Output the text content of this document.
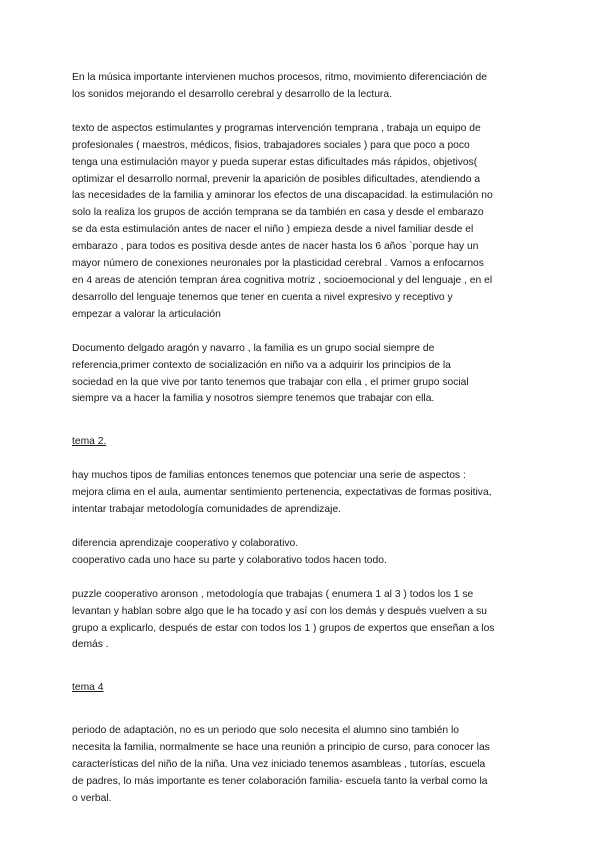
En la música importante intervienen muchos procesos, ritmo, movimiento diferenciación de
los sonidos mejorando el desarrollo cerebral y desarrollo de la lectura.

texto de aspectos estimulantes y programas intervención temprana , trabaja un equipo de
profesionales ( maestros, médicos, fisios, trabajadores sociales ) para que poco a poco
tenga una estimulación mayor y pueda superar estas dificultades más rápidos, objetivos(
optimizar el desarrollo normal, prevenir la aparición de posibles dificultades, atendiendo a
las necesidades de la familia y aminorar los efectos de una discapacidad. la estimulación no
solo la realiza los grupos de acción temprana se da también en casa y desde el embarazo
se da esta estimulación antes de nacer el niño ) empieza desde a nivel familiar desde el
embarazo , para todos es positiva desde antes de nacer hasta los 6 años `porque hay un
mayor número de conexiones neuronales por la plasticidad cerebral . Vamos a enfocarnos
en 4 areas de atención tempran área cognitiva motriz , socioemocional y del lenguaje , en el
desarrollo del lenguaje tenemos que tener en cuenta a nivel expresivo y receptivo y
empezar a valorar la articulación

Documento delgado aragón y navarro , la familia es un grupo social siempre de
referencia,primer contexto de socialización en niño va a adquirir los principios de la
sociedad en la que vive por tanto tenemos que trabajar con ella , el primer grupo social
siempre va a hacer la familia y nosotros siempre tenemos que trabajar con ella.

tema 2.

hay muchos tipos de familias entonces tenemos que potenciar una serie de aspectos :
mejora clima en el aula, aumentar sentimiento pertenencia, expectativas de formas positiva,
intentar trabajar metodología comunidades de aprendizaje.

diferencia aprendizaje cooperativo y colaborativo.
cooperativo cada uno hace su parte y colaborativo todos hacen todo.

puzzle cooperativo aronson , metodología que trabajas ( enumera 1 al 3 ) todos los 1 se
levantan y hablan sobre algo que le ha tocado y así con los demás y después vuelven a su
grupo a explicarlo, después de estar con todos los 1 ) grupos de expertos que enseñan a los
demás .

tema 4

periodo de adaptación, no es un periodo que solo necesita el alumno sino también lo
necesita la familia, normalmente se hace una reunión a principio de curso, para conocer las
características del niño de la niña. Una vez iniciado tenemos asambleas , tutorías, escuela
de padres, lo más importante es tener colaboración familia- escuela tanto la verbal como la
o verbal.
